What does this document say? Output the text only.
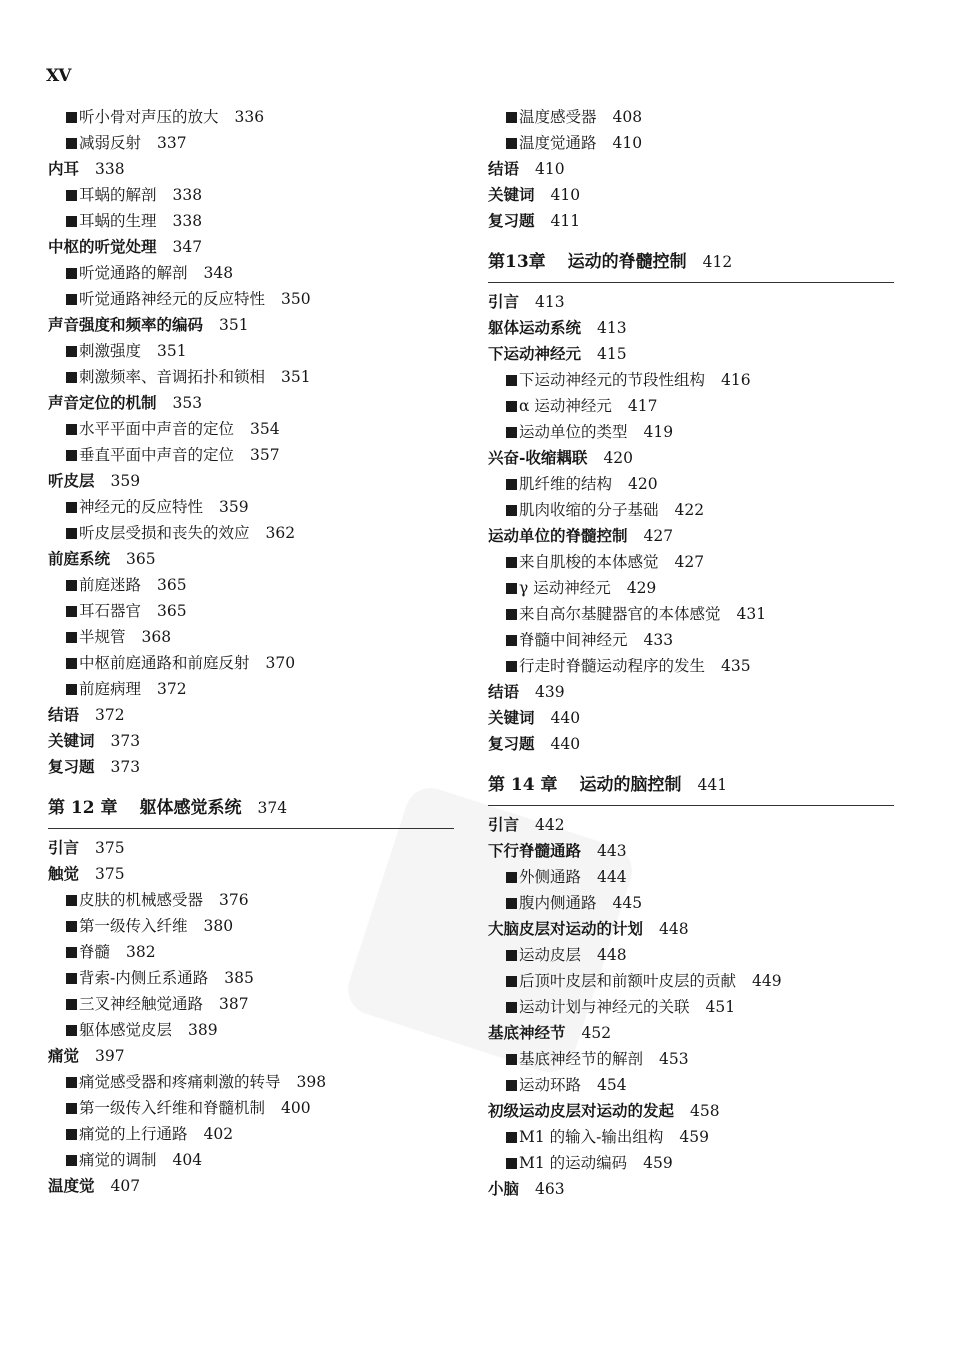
XV
听小骨对声压的放大 336
减弱反射 337
内耳 338
耳蜗的解剖 338
耳蜗的生理 338
中枢的听觉处理 347
听觉通路的解剖 348
听觉通路神经元的反应特性 350
声音强度和频率的编码 351
刺激强度 351
刺激频率、音调拓扑和锁相 351
声音定位的机制 353
水平平面中声音的定位 354
垂直平面中声音的定位 357
听皮层 359
神经元的反应特性 359
听皮层受损和丧失的效应 362
前庭系统 365
前庭迷路 365
耳石器官 365
半规管 368
中枢前庭通路和前庭反射 370
前庭病理 372
结语 372
关键词 373
复习题 373
第 12 章 躯体感觉系统 374
引言 375
触觉 375
皮肤的机械感受器 376
第一级传入纤维 380
脊髓 382
背索-内侧丘系通路 385
三叉神经触觉通路 387
躯体感觉皮层 389
痛觉 397
痛觉感受器和疼痛刺激的转导 398
第一级传入纤维和脊髓机制 400
痛觉的上行通路 402
痛觉的调制 404
温度觉 407
温度感受器 408
温度觉通路 410
结语 410
关键词 410
复习题 411
第13章 运动的脊髓控制 412
引言 413
躯体运动系统 413
下运动神经元 415
下运动神经元的节段性组构 416
α 运动神经元 417
运动单位的类型 419
兴奋-收缩耦联 420
肌纤维的结构 420
肌肉收缩的分子基础 422
运动单位的脊髓控制 427
来自肌梭的本体感觉 427
γ 运动神经元 429
来自高尔基腱器官的本体感觉 431
脊髓中间神经元 433
行走时脊髓运动程序的发生 435
结语 439
关键词 440
复习题 440
第 14 章 运动的脑控制 441
引言 442
下行脊髓通路 443
外侧通路 444
腹内侧通路 445
大脑皮层对运动的计划 448
运动皮层 448
后顶叶皮层和前额叶皮层的贡献 449
运动计划与神经元的关联 451
基底神经节 452
基底神经节的解剖 453
运动环路 454
初级运动皮层对运动的发起 458
M1 的输入-输出组构 459
M1 的运动编码 459
小脑 463
